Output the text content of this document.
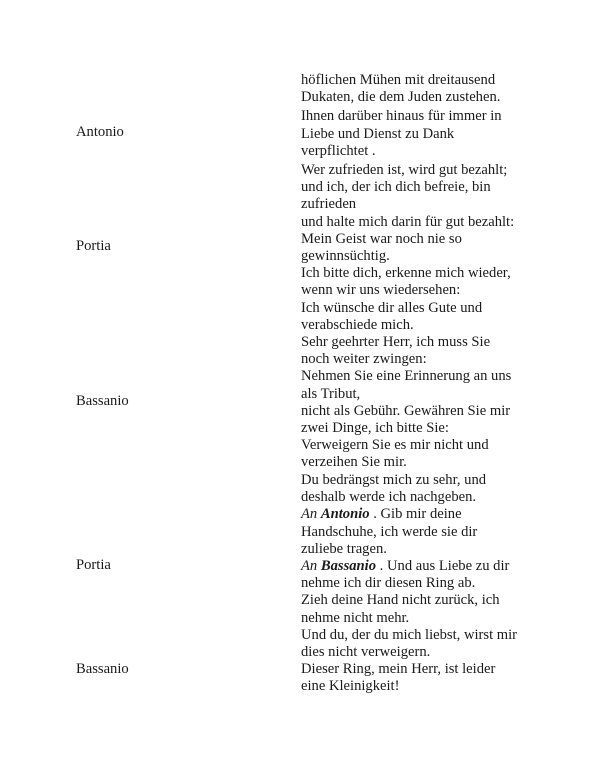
Antonio
höflichen Mühen mit dreitausend
Dukaten, die dem Juden zustehen.
Ihnen darüber hinaus für immer in
Liebe und Dienst zu Dank
verpflichtet .
Portia
Wer zufrieden ist, wird gut bezahlt;
und ich, der ich dich befreie, bin
zufrieden
und halte mich darin für gut bezahlt:
Mein Geist war noch nie so
gewinnsüchtig.
Ich bitte dich, erkenne mich wieder,
wenn wir uns wiedersehen:
Ich wünsche dir alles Gute und
verabschiede mich.
Bassanio
Sehr geehrter Herr, ich muss Sie
noch weiter zwingen:
Nehmen Sie eine Erinnerung an uns
als Tribut,
nicht als Gebühr. Gewähren Sie mir
zwei Dinge, ich bitte Sie:
Verweigern Sie es mir nicht und
verzeihen Sie mir.
Portia
Du bedrängst mich zu sehr, und
deshalb werde ich nachgeben.
An Antonio . Gib mir deine
Handschuhe, ich werde sie dir
zuliebe tragen.
An Bassanio . Und aus Liebe zu dir
nehme ich dir diesen Ring ab.
Zieh deine Hand nicht zurück, ich
nehme nicht mehr.
Und du, der du mich liebst, wirst mir
dies nicht verweigern.
Bassanio	Dieser Ring, mein Herr, ist leider
eine Kleinigkeit!
